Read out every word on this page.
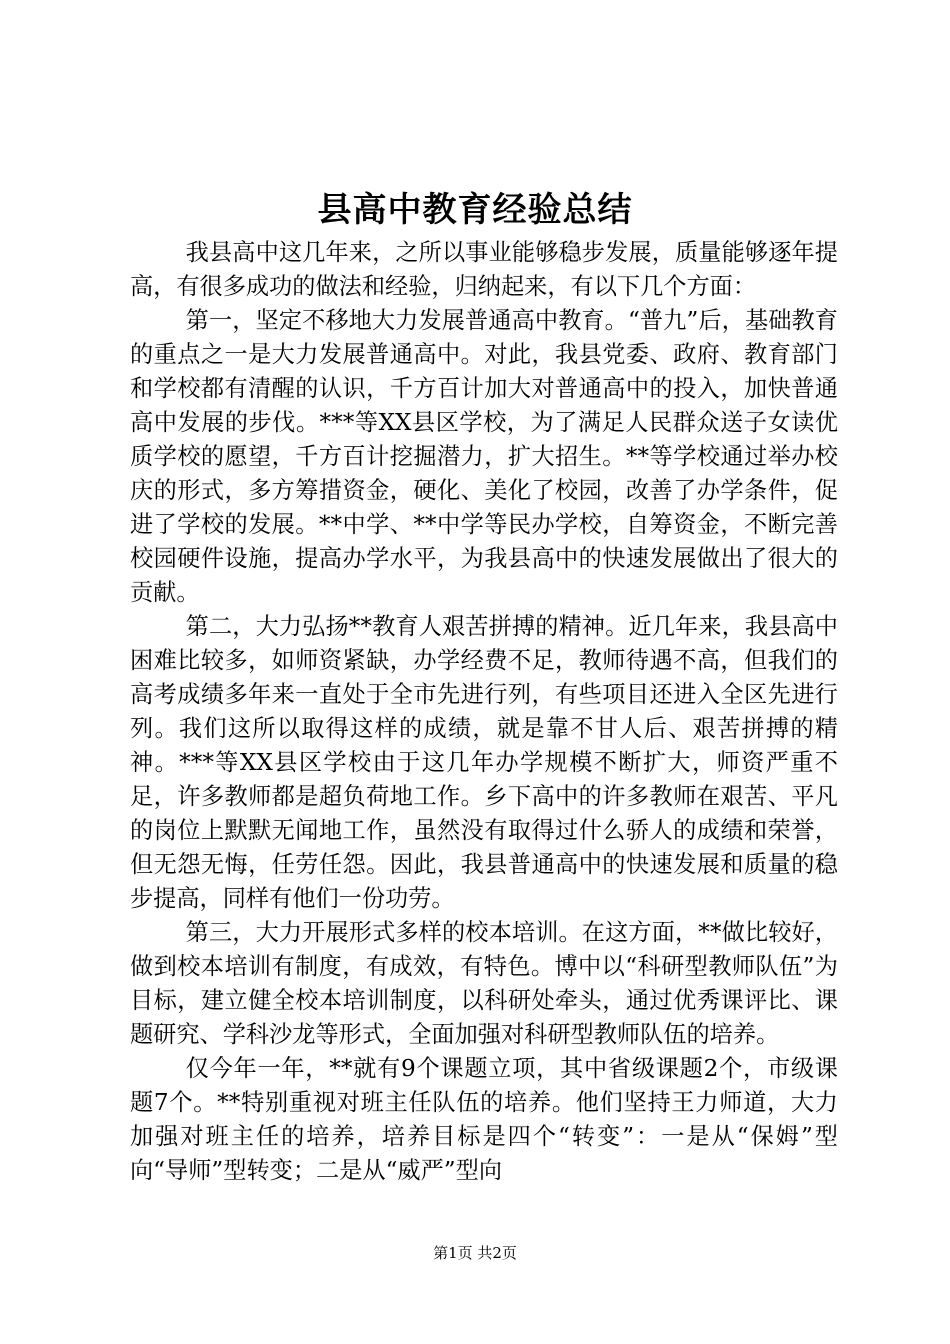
县高中教育经验总结

我县高中这几年来，之所以事业能够稳步发展，质量能够逐年提高，有很多成功的做法和经验，归纳起来，有以下几个方面：

第一，坚定不移地大力发展普通高中教育。“普九”后，基础教育的重点之一是大力发展普通高中。对此，我县党委、政府、教育部门和学校都有清醒的认识，千方百计加大对普通高中的投入，加快普通高中发展的步伐。***等XX县区学校，为了满足人民群众送子女读优质学校的愿望，千方百计挖掘潜力，扩大招生。**等学校通过举办校庆的形式，多方筹措资金，硬化、美化了校园，改善了办学条件，促进了学校的发展。**中学、**中学等民办学校，自筹资金，不断完善校园硬件设施，提高办学水平，为我县高中的快速发展做出了很大的贡献。

第二，大力弘扬**教育人艰苦拼搏的精神。近几年来，我县高中困难比较多，如师资紧缺，办学经费不足，教师待遇不高，但我们的高考成绩多年来一直处于全市先进行列，有些项目还进入全区先进行列。我们这所以取得这样的成绩，就是靠不甘人后、艰苦拼搏的精神。***等XX县区学校由于这几年办学规模不断扩大，师资严重不足，许多教师都是超负荷地工作。乡下高中的许多教师在艰苦、平凡的岗位上默默无闻地工作，虽然没有取得过什么骄人的成绩和荣誉，但无怨无悔，任劳任怨。因此，我县普通高中的快速发展和质量的稳步提高，同样有他们一份功劳。

第三，大力开展形式多样的校本培训。在这方面，**做比较好，做到校本培训有制度，有成效，有特色。博中以“科研型教师队伍”为目标，建立健全校本培训制度，以科研处牵头，通过优秀课评比、课题研究、学科沙龙等形式，全面加强对科研型教师队伍的培养。

仅今年一年，**就有9个课题立项，其中省级课题2个，市级课题7个。**特别重视对班主任队伍的培养。他们坚持王力师道，大力加强对班主任的培养，培养目标是四个“转变”：一是从“保姆”型向“导师”型转变；二是从“威严”型向

第1页 共2页
